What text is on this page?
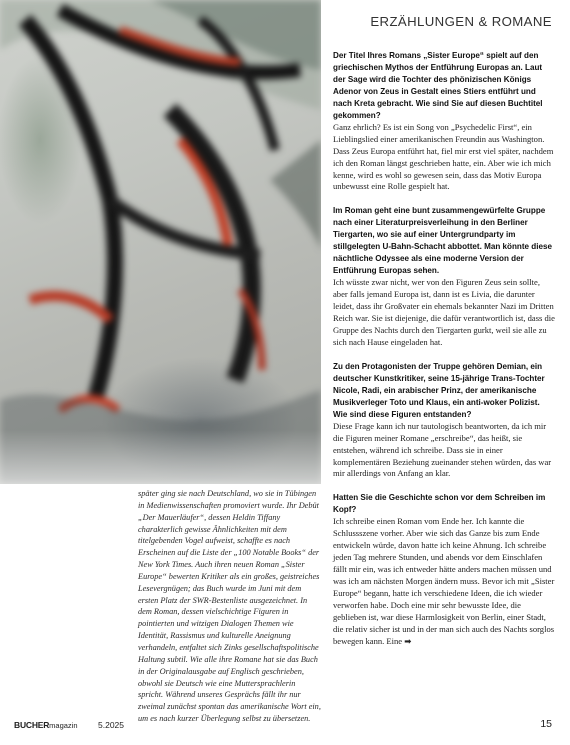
ERZÄHLUNGEN & ROMANE

Der Titel Ihres Romans „Sister Europe“ spielt auf den griechischen Mythos der Entführung Europas an. Laut der Sage wird die Tochter des phönizischen Königs Adenor von Zeus in Gestalt eines Stiers entführt und nach Kreta gebracht. Wie sind Sie auf diesen Buchtitel gekommen?

Ganz ehrlich? Es ist ein Song von „Psychedelic First“, ein Lieblingslied einer amerikanischen Freundin aus Washington. Dass Zeus Europa entführt hat, fiel mir erst viel später, nachdem ich den Roman längst geschrieben hatte, ein. Aber wie ich mich kenne, wird es wohl so gewesen sein, dass das Motiv Europa unbewusst eine Rolle gespielt hat.

Im Roman geht eine bunt zusammengewürfelte Gruppe nach einer Literaturpreisverleihung in den Berliner Tiergarten, wo sie auf einer Untergrundparty im stillgelegten U-Bahn-Schacht abbottet. Man könnte diese nächtliche Odyssee als eine moderne Version der Entführung Europas sehen.

Ich wüsste zwar nicht, wer von den Figuren Zeus sein sollte, aber falls jemand Europa ist, dann ist es Livia, die darunter leidet, dass ihr Großvater ein ehemals bekannter Nazi im Dritten Reich war. Sie ist diejenige, die dafür verantwortlich ist, dass die Gruppe des Nachts durch den Tiergarten gurkt, weil sie alle zu sich nach Hause eingeladen hat.

Zu den Protagonisten der Truppe gehören Demian, ein deutscher Kunstkritiker, seine 15-jährige Trans-Tochter Nicole, Radi, ein arabischer Prinz, der amerikanische Musikverleger Toto und Klaus, ein anti-woker Polizist. Wie sind diese Figuren entstanden?

Diese Frage kann ich nur tautologisch beantworten, da ich mir die Figuren meiner Romane „erschreibe“, das heißt, sie entstehen, während ich schreibe. Dass sie in einer komplementären Beziehung zueinander stehen würden, das war mir allerdings von Anfang an klar.

Hatten Sie die Geschichte schon vor dem Schreiben im Kopf?

Ich schreibe einen Roman vom Ende her. Ich kannte die Schlussszene vorher. Aber wie sich das Ganze bis zum Ende entwickeln würde, davon hatte ich keine Ahnung. Ich schreibe jeden Tag mehrere Stunden, und abends vor dem Einschlafen fällt mir ein, was ich entweder hätte anders machen müssen und was ich am nächsten Morgen ändern muss. Bevor ich mit „Sister Europe“ begann, hatte ich verschiedene Ideen, die ich wieder verworfen habe. Doch eine mir sehr bewusste Idee, die geblieben ist, war diese Harmlosigkeit von Berlin, einer Stadt, die relativ sicher ist und in der man sich auch des Nachts sorglos bewegen kann. Eine ➡

später ging sie nach Deutschland, wo sie in Tübingen in Medienwissenschaften promoviert wurde. Ihr Debüt „Der Mauerläufer“, dessen Heldin Tiffany charakterlich gewisse Ähnlichkeiten mit dem titelgebenden Vogel aufweist, schaffte es nach Erscheinen auf die Liste der „100 Notable Books“ der New York Times. Auch ihren neuen Roman „Sister Europe“ bewerten Kritiker als ein großes, geistreiches Lesevergnügen; das Buch wurde im Juni mit dem ersten Platz der SWR-Bestenliste ausgezeichnet. In dem Roman, dessen vielschichtige Figuren in pointierten und witzigen Dialogen Themen wie Identität, Rassismus und kulturelle Aneignung verhandeln, entfaltet sich Zinks gesellschaftspolitische Haltung subtil. Wie alle ihre Romane hat sie das Buch in der Originalausgabe auf Englisch geschrieben, obwohl sie Deutsch wie eine Muttersprachlerin spricht. Während unseres Gesprächs fällt ihr nur zweimal zunächst spontan das amerikanische Wort ein, um es nach kurzer Überlegung selbst zu übersetzen.

BUCHERmagazin 5.2025	15
